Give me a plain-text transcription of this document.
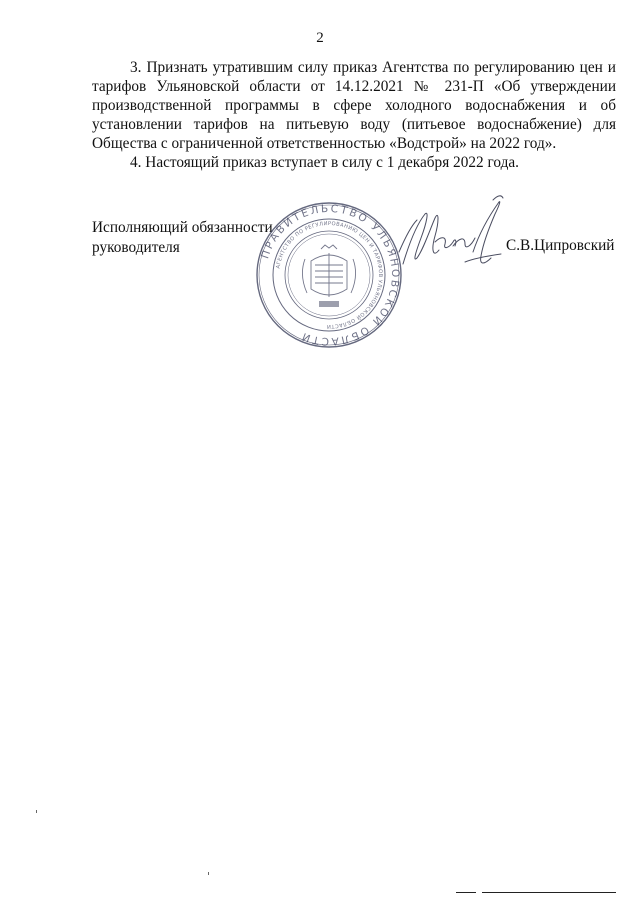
2

3. Признать утратившим силу приказ Агентства по регулированию цен и тарифов Ульяновской области от 14.12.2021 № 231-П «Об утверждении производственной программы в сфере холодного водоснабжения и об установлении тарифов на питьевую воду (питьевое водоснабжение) для Общества с ограниченной ответственностью «Водстрой» на 2022 год».

4. Настоящий приказ вступает в силу с 1 декабря 2022 года.

Исполняющий обязанности
руководителя	ПРАВИТЕЛЬСТВО УЛЬЯНОВСКОЙ ОБЛАСТИ
АГЕНТСТВО ПО РЕГУЛИРОВАНИЮ ЦЕН И ТАРИФОВ УЛЬЯНОВСКОЙ ОБЛАСТИ
С.В.Ципровский
